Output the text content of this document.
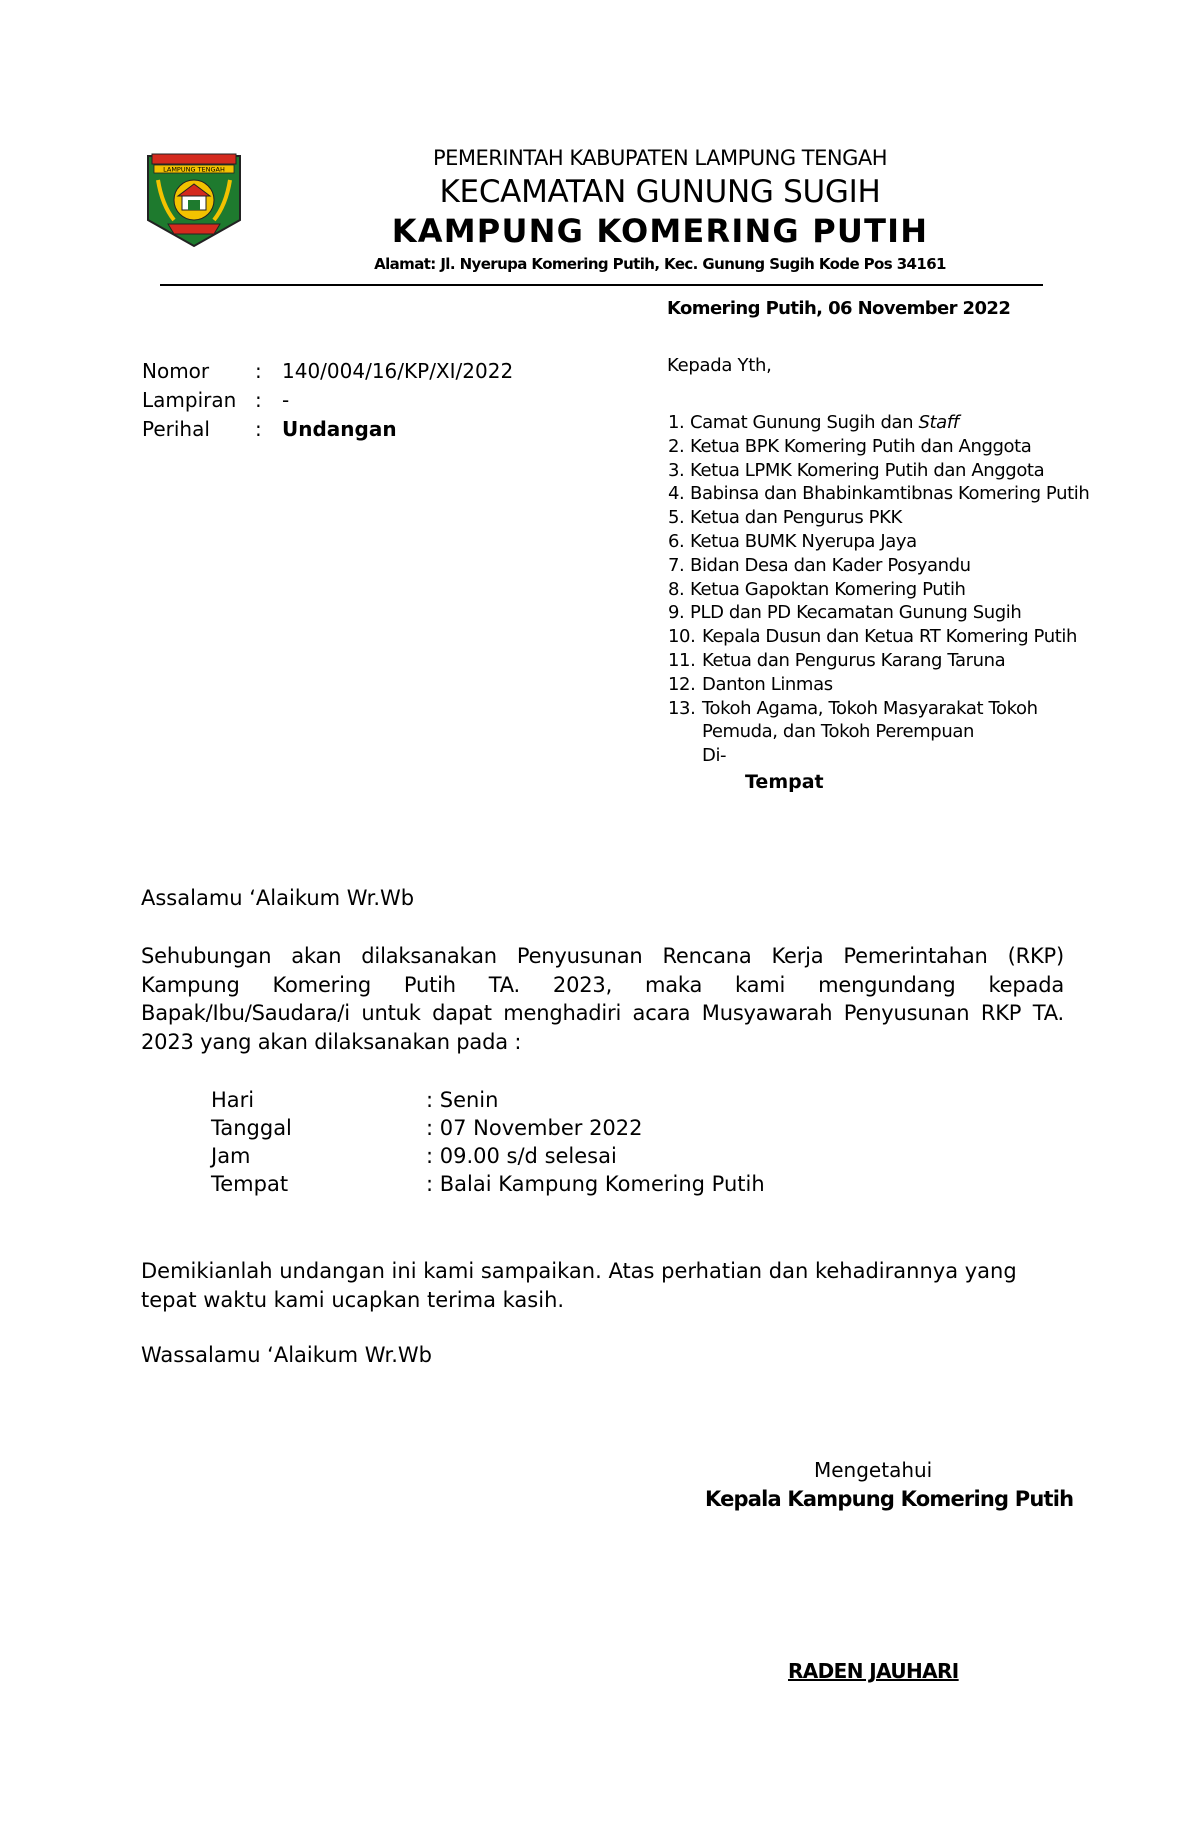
LAMPUNG TENGAH	PEMERINTAH KABUPATEN LAMPUNG TENGAH
KECAMATAN GUNUNG SUGIH
KAMPUNG KOMERING PUTIH
Alamat: Jl. Nyerupa Komering Putih, Kec. Gunung Sugih Kode Pos 34161
Komering Putih, 06 November 2022
Nomor	:	140/004/16/KP/XI/2022
Lampiran :	-
Perihal	:	Undangan
Kepada Yth,
1. Camat Gunung Sugih dan Staff
2. Ketua BPK Komering Putih dan Anggota
3. Ketua LPMK Komering Putih dan Anggota
4. Babinsa dan Bhabinkamtibnas Komering Putih
5. Ketua dan Pengurus PKK
6. Ketua BUMK Nyerupa Jaya
7. Bidan Desa dan Kader Posyandu
8. Ketua Gapoktan Komering Putih
9. PLD dan PD Kecamatan Gunung Sugih
10. Kepala Dusun dan Ketua RT Komering Putih
11. Ketua dan Pengurus Karang Taruna
12. Danton Linmas
13. Tokoh Agama, Tokoh Masyarakat Tokoh
Pemuda, dan Tokoh Perempuan
Di-
Tempat
Assalamu ‘Alaikum Wr.Wb
Sehubungan akan dilaksanakan Penyusunan Rencana Kerja Pemerintahan (RKP) Kampung Komering Putih TA. 2023, maka kami mengundang kepada Bapak/Ibu/Saudara/i untuk dapat menghadiri acara Musyawarah Penyusunan RKP TA. 2023 yang akan dilaksanakan pada :
Hari	: Senin
Tanggal	: 07 November 2022
Jam	: 09.00 s/d selesai
Tempat	: Balai Kampung Komering Putih
Demikianlah undangan ini kami sampaikan. Atas perhatian dan kehadirannya yang tepat waktu kami ucapkan terima kasih.
Wassalamu ‘Alaikum Wr.Wb
Mengetahui
Kepala Kampung Komering Putih
RADEN JAUHARI
